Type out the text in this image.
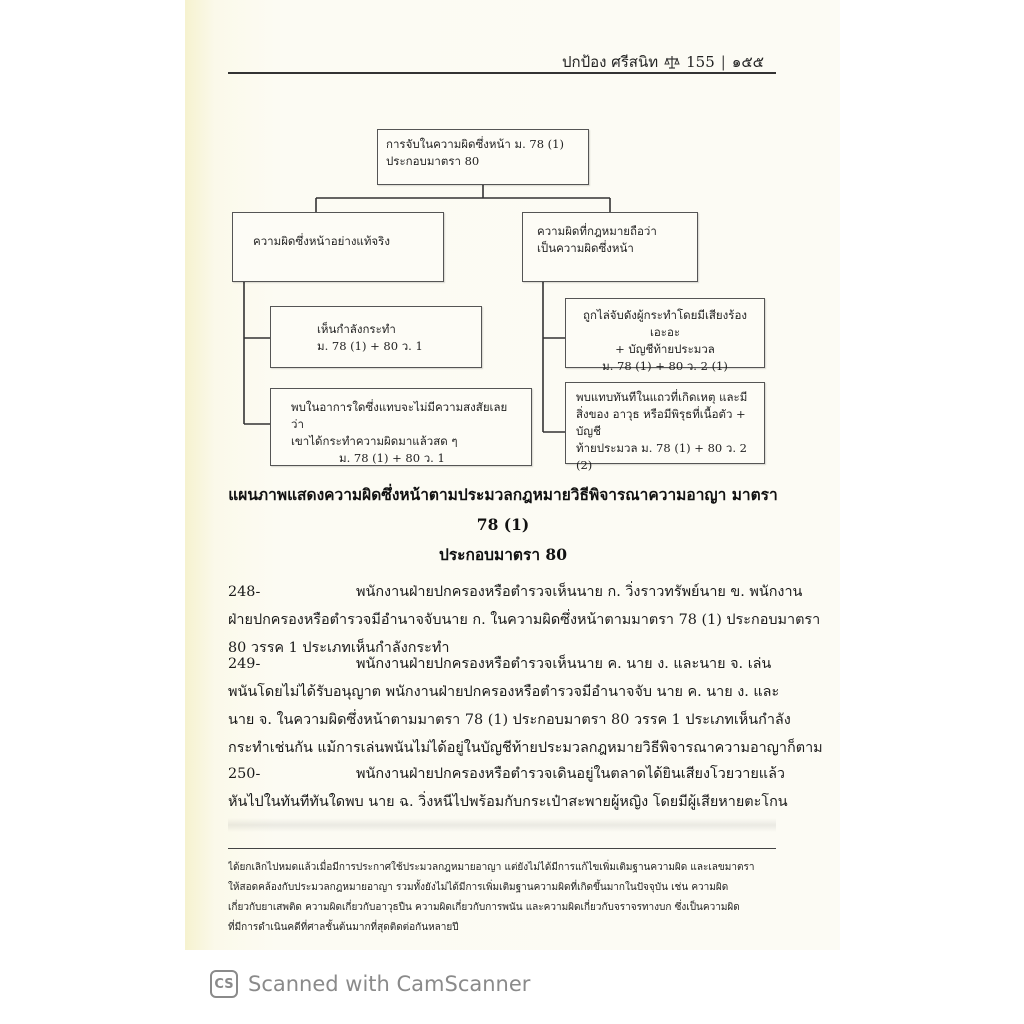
ปกป้อง ศรีสนิท 155 | ๑๕๕
การจับในความผิดซึ่งหน้า ม. 78 (1)
ประกอบมาตรา 80
ความผิดซึ่งหน้าอย่างแท้จริง
ความผิดที่กฎหมายถือว่า
เป็นความผิดซึ่งหน้า
เห็นกำลังกระทำ
ม. 78 (1) + 80 ว. 1
พบในอาการใดซึ่งแทบจะไม่มีความสงสัยเลยว่า
เขาได้กระทำความผิดมาแล้วสด ๆ
ม. 78 (1) + 80 ว. 1
ถูกไล่จับดังผู้กระทำโดยมีเสียงร้องเอะอะ
+ บัญชีท้ายประมวล
ม. 78 (1) + 80 ว. 2 (1)
พบแทบทันทีในแถวที่เกิดเหตุ และมี
สิ่งของ อาวุธ หรือมีพิรุธที่เนื้อตัว + บัญชี
ท้ายประมวล ม. 78 (1) + 80 ว. 2 (2)
แผนภาพแสดงความผิดซึ่งหน้าตามประมวลกฎหมายวิธีพิจารณาความอาญา มาตรา 78 (1)
ประกอบมาตรา 80
248-	พนักงานฝ่ายปกครองหรือตำรวจเห็นนาย ก. วิ่งราวทรัพย์นาย ข. พนักงาน
ฝ่ายปกครองหรือตำรวจมีอำนาจจับนาย ก. ในความผิดซึ่งหน้าตามมาตรา 78 (1) ประกอบมาตรา
80 วรรค 1 ประเภทเห็นกำลังกระทำ
249-	พนักงานฝ่ายปกครองหรือตำรวจเห็นนาย ค. นาย ง. และนาย จ. เล่น
พนันโดยไม่ได้รับอนุญาต พนักงานฝ่ายปกครองหรือตำรวจมีอำนาจจับ นาย ค. นาย ง. และ
นาย จ. ในความผิดซึ่งหน้าตามมาตรา 78 (1) ประกอบมาตรา 80 วรรค 1 ประเภทเห็นกำลัง
กระทำเช่นกัน แม้การเล่นพนันไม่ได้อยู่ในบัญชีท้ายประมวลกฎหมายวิธีพิจารณาความอาญาก็ตาม
250-	พนักงานฝ่ายปกครองหรือตำรวจเดินอยู่ในตลาดได้ยินเสียงโวยวายแล้ว
หันไปในทันทีทันใดพบ นาย ฉ. วิ่งหนีไปพร้อมกับกระเป๋าสะพายผู้หญิง โดยมีผู้เสียหายตะโกน
ได้ยกเลิกไปหมดแล้วเมื่อมีการประกาศใช้ประมวลกฎหมายอาญา แต่ยังไม่ได้มีการแก้ไขเพิ่มเติมฐานความผิด และเลขมาตรา
ให้สอดคล้องกับประมวลกฎหมายอาญา รวมทั้งยังไม่ได้มีการเพิ่มเติมฐานความผิดที่เกิดขึ้นมากในปัจจุบัน เช่น ความผิด
เกี่ยวกับยาเสพติด ความผิดเกี่ยวกับอาวุธปืน ความผิดเกี่ยวกับการพนัน และความผิดเกี่ยวกับจราจรทางบก ซึ่งเป็นความผิด
ที่มีการดำเนินคดีที่ศาลชั้นต้นมากที่สุดติดต่อกันหลายปี
CS Scanned with CamScanner
